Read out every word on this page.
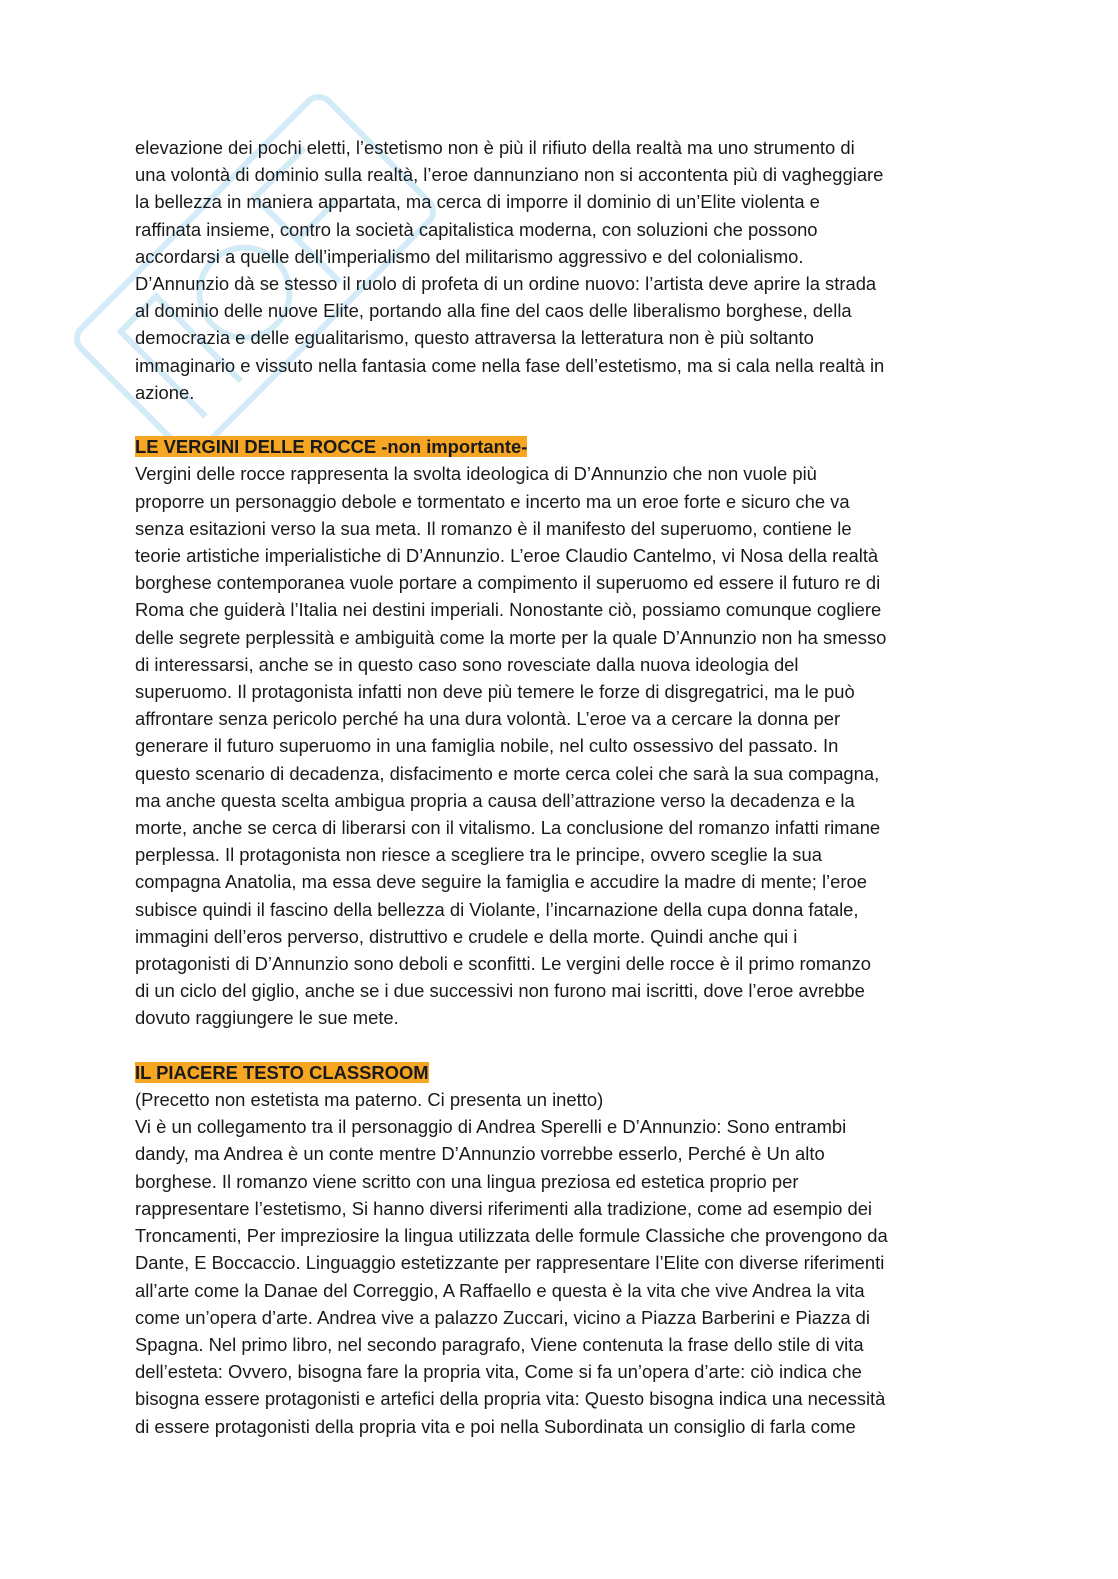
elevazione dei pochi eletti, l’estetismo non è più il rifiuto della realtà ma uno strumento di
una volontà di dominio sulla realtà, l’eroe dannunziano non si accontenta più di vagheggiare
la bellezza in maniera appartata, ma cerca di imporre il dominio di un’Elite violenta e
raffinata insieme, contro la società capitalistica moderna, con soluzioni che possono
accordarsi a quelle dell’imperialismo del militarismo aggressivo e del colonialismo.
D’Annunzio dà se stesso il ruolo di profeta di un ordine nuovo: l’artista deve aprire la strada
al dominio delle nuove Elite, portando alla fine del caos delle liberalismo borghese, della
democrazia e delle egualitarismo, questo attraversa la letteratura non è più soltanto
immaginario e vissuto nella fantasia come nella fase dell’estetismo, ma si cala nella realtà in
azione.

LE VERGINI DELLE ROCCE -non importante-

Vergini delle rocce rappresenta la svolta ideologica di D’Annunzio che non vuole più
proporre un personaggio debole e tormentato e incerto ma un eroe forte e sicuro che va
senza esitazioni verso la sua meta. Il romanzo è il manifesto del superuomo, contiene le
teorie artistiche imperialistiche di D’Annunzio. L’eroe Claudio Cantelmo, vi Nosa della realtà
borghese contemporanea vuole portare a compimento il superuomo ed essere il futuro re di
Roma che guiderà l’Italia nei destini imperiali. Nonostante ciò, possiamo comunque cogliere
delle segrete perplessità e ambiguità come la morte per la quale D’Annunzio non ha smesso
di interessarsi, anche se in questo caso sono rovesciate dalla nuova ideologia del
superuomo. Il protagonista infatti non deve più temere le forze di disgregatrici, ma le può
affrontare senza pericolo perché ha una dura volontà. L’eroe va a cercare la donna per
generare il futuro superuomo in una famiglia nobile, nel culto ossessivo del passato. In
questo scenario di decadenza, disfacimento e morte cerca colei che sarà la sua compagna,
ma anche questa scelta ambigua propria a causa dell’attrazione verso la decadenza e la
morte, anche se cerca di liberarsi con il vitalismo. La conclusione del romanzo infatti rimane
perplessa. Il protagonista non riesce a scegliere tra le principe, ovvero sceglie la sua
compagna Anatolia, ma essa deve seguire la famiglia e accudire la madre di mente; l’eroe
subisce quindi il fascino della bellezza di Violante, l’incarnazione della cupa donna fatale,
immagini dell’eros perverso, distruttivo e crudele e della morte. Quindi anche qui i
protagonisti di D’Annunzio sono deboli e sconfitti. Le vergini delle rocce è il primo romanzo
di un ciclo del giglio, anche se i due successivi non furono mai iscritti, dove l’eroe avrebbe
dovuto raggiungere le sue mete.

IL PIACERE TESTO CLASSROOM

(Precetto non estetista ma paterno. Ci presenta un inetto)

Vi è un collegamento tra il personaggio di Andrea Sperelli e D’Annunzio: Sono entrambi
dandy, ma Andrea è un conte mentre D’Annunzio vorrebbe esserlo, Perché è Un alto
borghese. Il romanzo viene scritto con una lingua preziosa ed estetica proprio per
rappresentare l’estetismo, Si hanno diversi riferimenti alla tradizione, come ad esempio dei
Troncamenti, Per impreziosire la lingua utilizzata delle formule Classiche che provengono da
Dante, E Boccaccio. Linguaggio estetizzante per rappresentare l’Elite con diverse riferimenti
all’arte come la Danae del Correggio, A Raffaello e questa è la vita che vive Andrea la vita
come un’opera d’arte. Andrea vive a palazzo Zuccari, vicino a Piazza Barberini e Piazza di
Spagna. Nel primo libro, nel secondo paragrafo, Viene contenuta la frase dello stile di vita
dell’esteta: Ovvero, bisogna fare la propria vita, Come si fa un’opera d’arte: ciò indica che
bisogna essere protagonisti e artefici della propria vita: Questo bisogna indica una necessità
di essere protagonisti della propria vita e poi nella Subordinata un consiglio di farla come
